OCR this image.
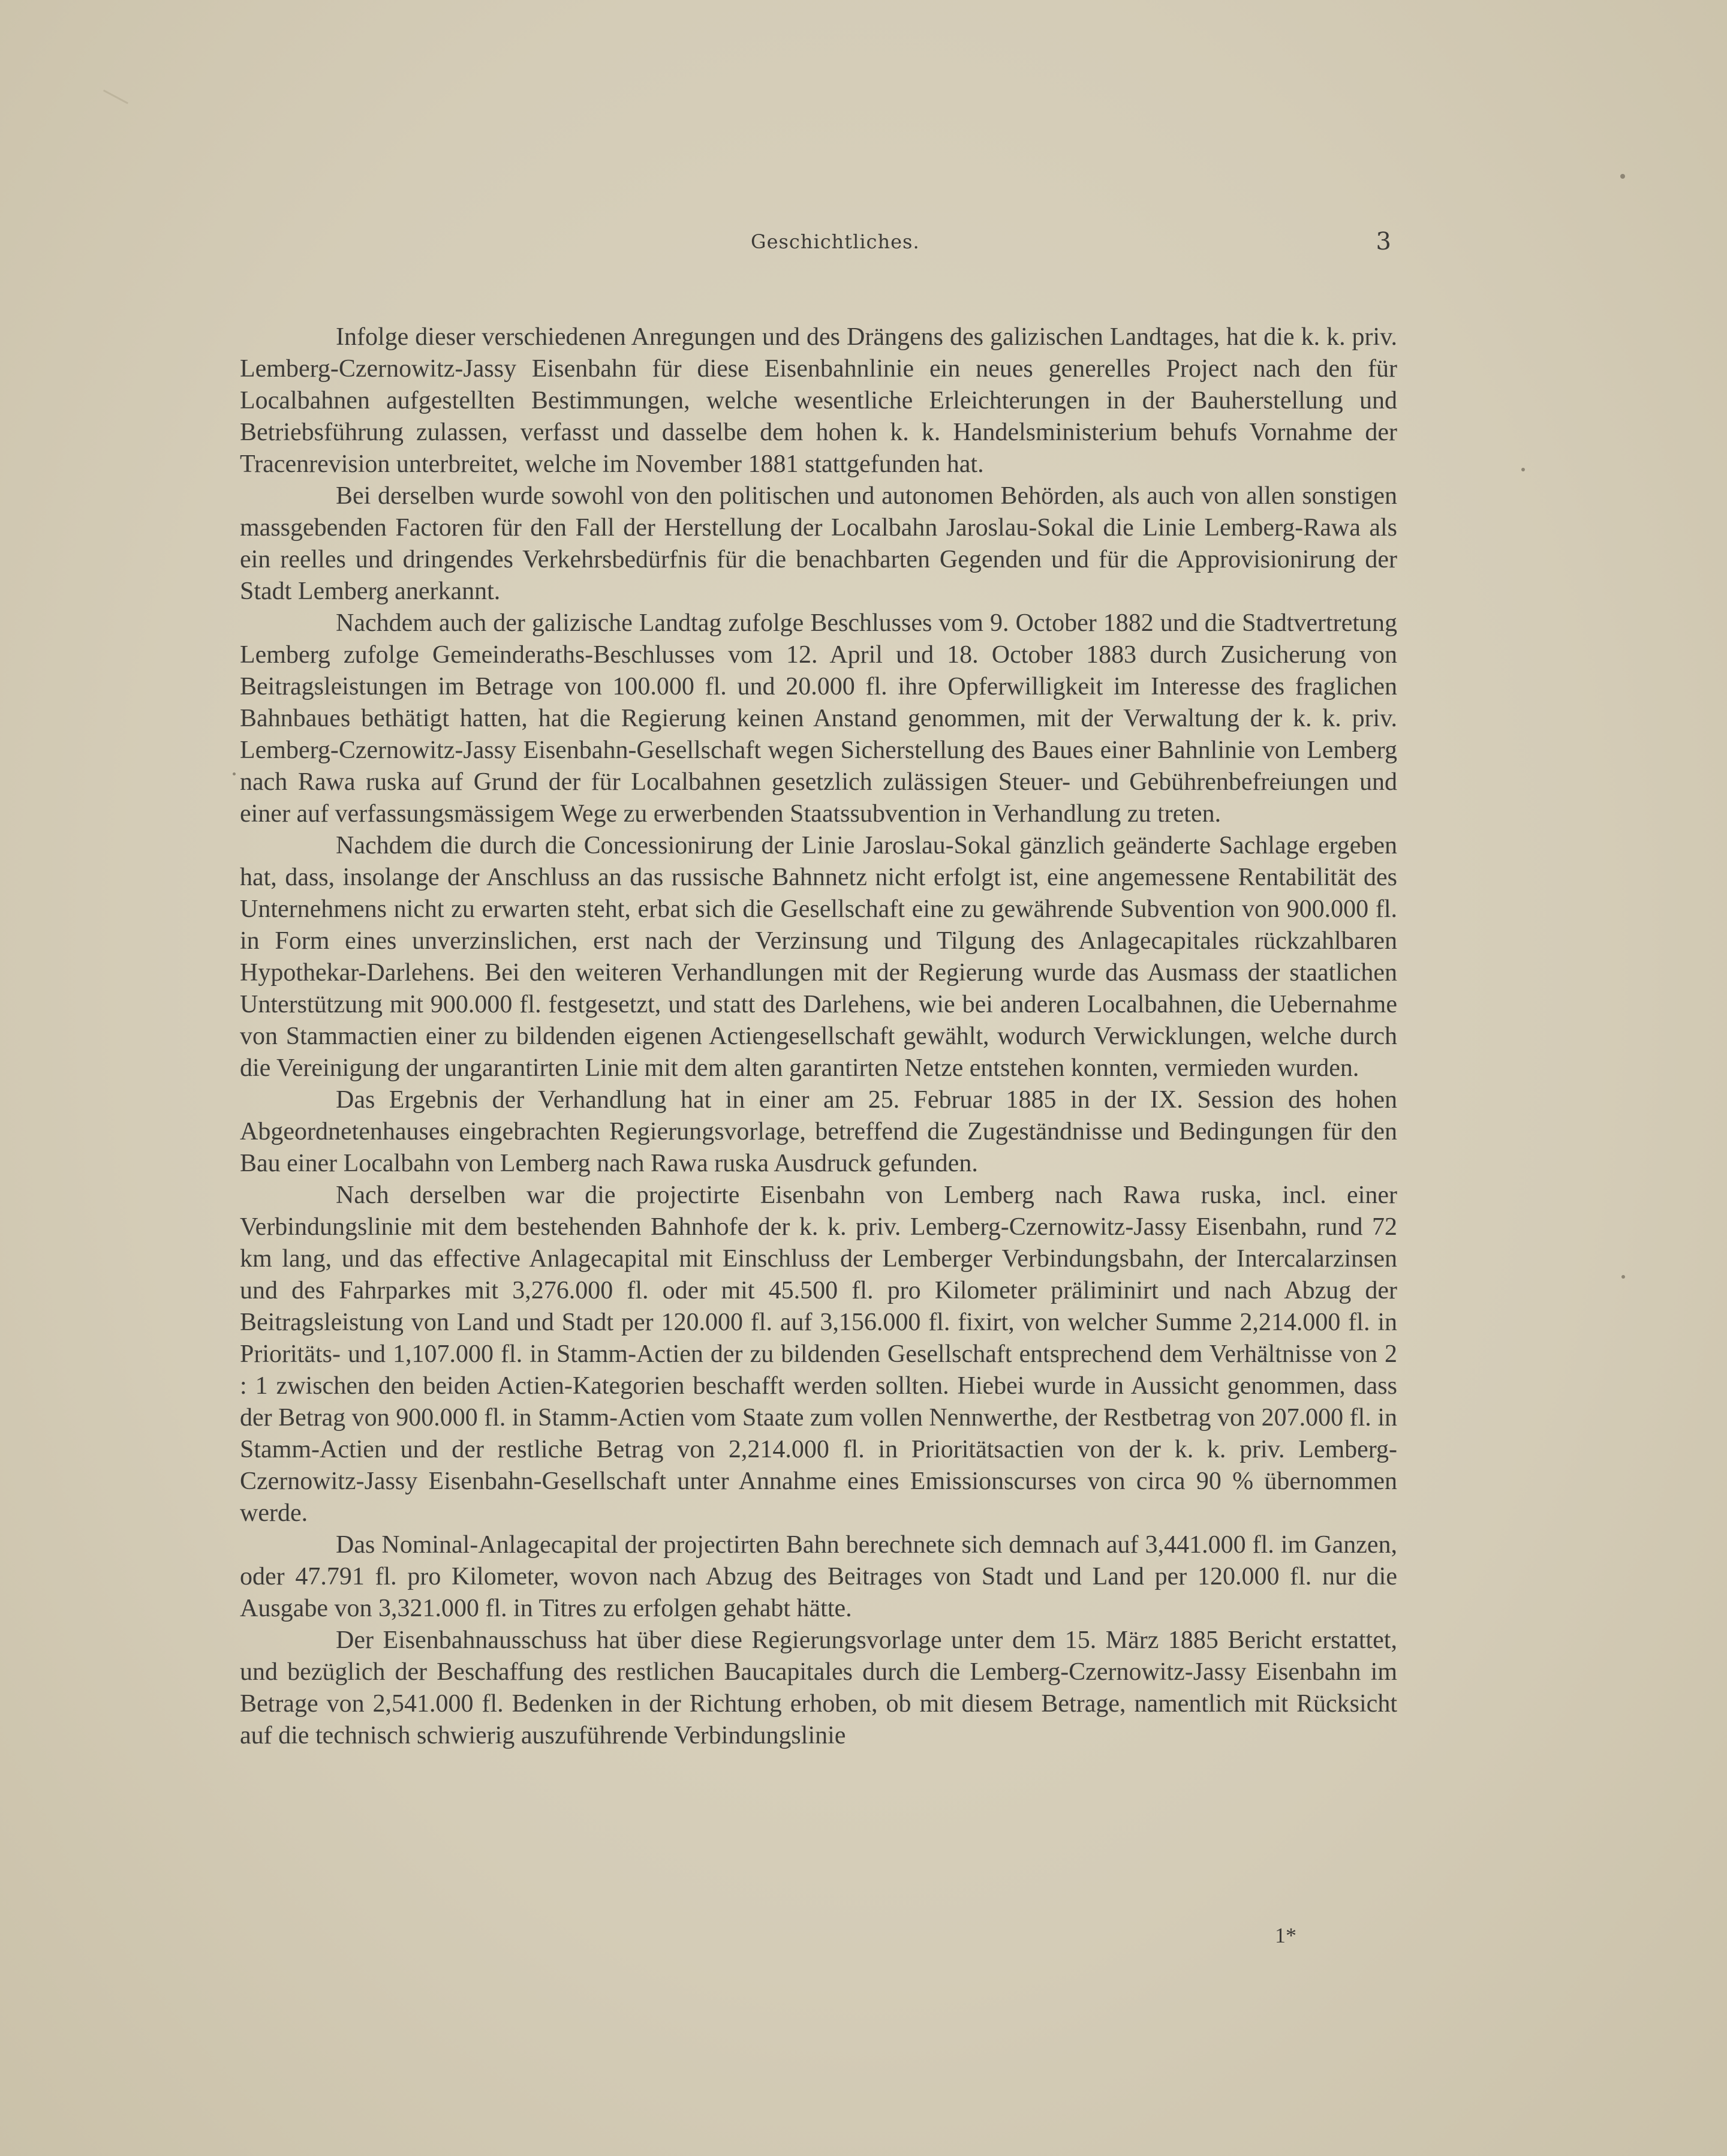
Geschichtliches.	3

Infolge dieser verschiedenen Anregungen und des Drängens des galizischen Landtages, hat die k. k. priv. Lemberg-Czernowitz-Jassy Eisenbahn für diese Eisenbahnlinie ein neues generelles Project nach den für Localbahnen aufgestellten Bestimmungen, welche wesentliche Erleichterungen in der Bauherstellung und Betriebsführung zulassen, verfasst und dasselbe dem hohen k. k. Handelsministerium behufs Vornahme der Tracenrevision unterbreitet, welche im November 1881 stattgefunden hat.

Bei derselben wurde sowohl von den politischen und autonomen Behörden, als auch von allen sonstigen massgebenden Factoren für den Fall der Herstellung der Localbahn Jaroslau-Sokal die Linie Lemberg-Rawa als ein reelles und dringendes Verkehrsbedürfnis für die benachbarten Gegenden und für die Approvisionirung der Stadt Lemberg anerkannt.

Nachdem auch der galizische Landtag zufolge Beschlusses vom 9. October 1882 und die Stadtvertretung Lemberg zufolge Gemeinderaths-Beschlusses vom 12. April und 18. October 1883 durch Zusicherung von Beitragsleistungen im Betrage von 100.000 fl. und 20.000 fl. ihre Opferwilligkeit im Interesse des fraglichen Bahnbaues bethätigt hatten, hat die Regierung keinen Anstand genommen, mit der Verwaltung der k. k. priv. Lemberg-Czernowitz-Jassy Eisenbahn-Gesellschaft wegen Sicherstellung des Baues einer Bahnlinie von Lemberg nach Rawa ruska auf Grund der für Localbahnen gesetzlich zulässigen Steuer- und Gebührenbefreiungen und einer auf verfassungsmässigem Wege zu erwerbenden Staatssubvention in Verhandlung zu treten.

Nachdem die durch die Concessionirung der Linie Jaroslau-Sokal gänzlich geänderte Sachlage ergeben hat, dass, insolange der Anschluss an das russische Bahnnetz nicht erfolgt ist, eine angemessene Rentabilität des Unternehmens nicht zu erwarten steht, erbat sich die Gesellschaft eine zu gewährende Subvention von 900.000 fl. in Form eines unverzinslichen, erst nach der Verzinsung und Tilgung des Anlagecapitales rückzahlbaren Hypothekar-Darlehens. Bei den weiteren Verhandlungen mit der Regierung wurde das Ausmass der staatlichen Unterstützung mit 900.000 fl. festgesetzt, und statt des Darlehens, wie bei anderen Localbahnen, die Uebernahme von Stammactien einer zu bildenden eigenen Actiengesellschaft gewählt, wodurch Verwicklungen, welche durch die Vereinigung der ungarantirten Linie mit dem alten garantirten Netze entstehen konnten, vermieden wurden.

Das Ergebnis der Verhandlung hat in einer am 25. Februar 1885 in der IX. Session des hohen Abgeordnetenhauses eingebrachten Regierungsvorlage, betreffend die Zugeständnisse und Bedingungen für den Bau einer Localbahn von Lemberg nach Rawa ruska Ausdruck gefunden.

Nach derselben war die projectirte Eisenbahn von Lemberg nach Rawa ruska, incl. einer Verbindungslinie mit dem bestehenden Bahnhofe der k. k. priv. Lemberg-Czernowitz-Jassy Eisenbahn, rund 72 km lang, und das effective Anlagecapital mit Einschluss der Lemberger Verbindungsbahn, der Intercalarzinsen und des Fahrparkes mit 3,276.000 fl. oder mit 45.500 fl. pro Kilometer präliminirt und nach Abzug der Beitragsleistung von Land und Stadt per 120.000 fl. auf 3,156.000 fl. fixirt, von welcher Summe 2,214.000 fl. in Prioritäts- und 1,107.000 fl. in Stamm-Actien der zu bildenden Gesellschaft entsprechend dem Verhältnisse von 2 : 1 zwischen den beiden Actien-Kategorien beschafft werden sollten. Hiebei wurde in Aussicht genommen, dass der Betrag von 900.000 fl. in Stamm-Actien vom Staate zum vollen Nennwerthe, der Restbetrag von 207.000 fl. in Stamm-Actien und der restliche Betrag von 2,214.000 fl. in Prioritätsactien von der k. k. priv. Lemberg-Czernowitz-Jassy Eisenbahn-Gesellschaft unter Annahme eines Emissionscurses von circa 90 % übernommen werde.

Das Nominal-Anlagecapital der projectirten Bahn berechnete sich demnach auf 3,441.000 fl. im Ganzen, oder 47.791 fl. pro Kilometer, wovon nach Abzug des Beitrages von Stadt und Land per 120.000 fl. nur die Ausgabe von 3,321.000 fl. in Titres zu erfolgen gehabt hätte.

Der Eisenbahnausschuss hat über diese Regierungsvorlage unter dem 15. März 1885 Bericht erstattet, und bezüglich der Beschaffung des restlichen Baucapitales durch die Lemberg-Czernowitz-Jassy Eisenbahn im Betrage von 2,541.000 fl. Bedenken in der Richtung erhoben, ob mit diesem Betrage, namentlich mit Rücksicht auf die technisch schwierig auszuführende Verbindungslinie

1*
